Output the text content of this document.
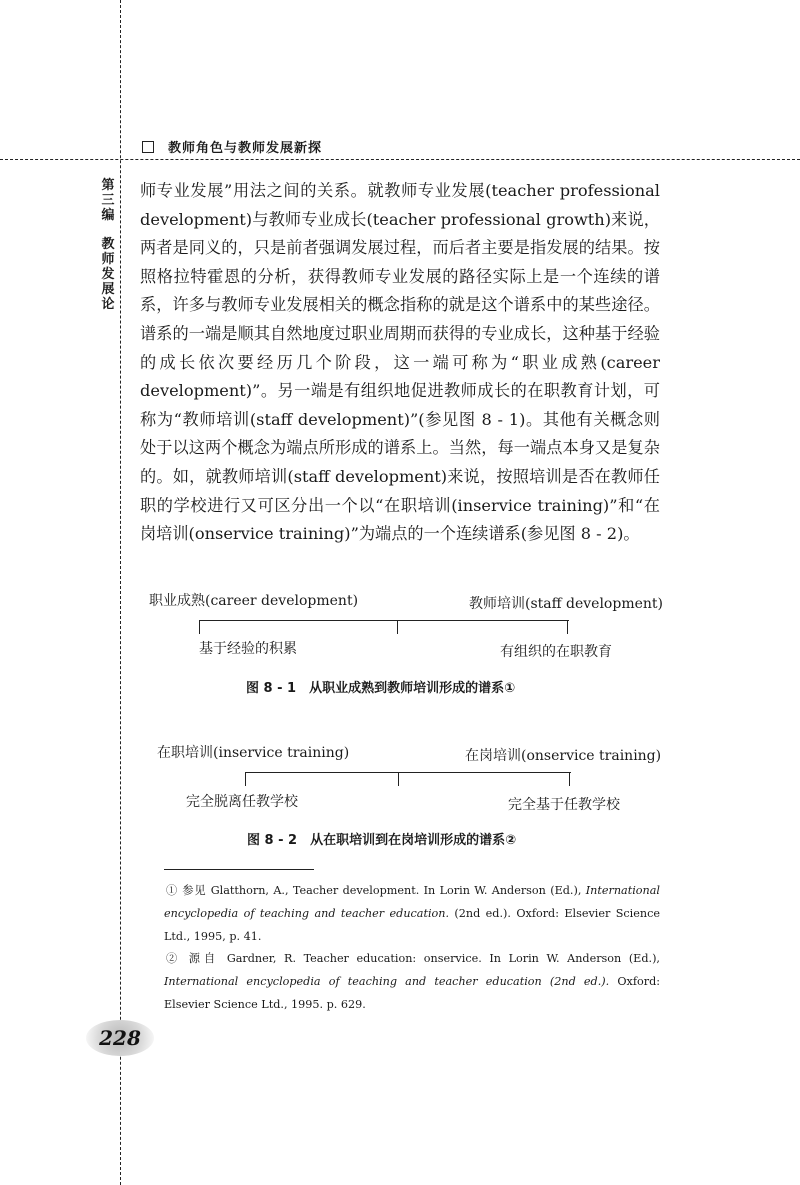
教师角色与教师发展新探
第三编
教师发展论

师专业发展”用法之间的关系。就教师专业发展(teacher professional development)与教师专业成长(teacher professional growth)来说，两者是同义的，只是前者强调发展过程，而后者主要是指发展的结果。按照格拉特霍恩的分析，获得教师专业发展的路径实际上是一个连续的谱系，许多与教师专业发展相关的概念指称的就是这个谱系中的某些途径。谱系的一端是顺其自然地度过职业周期而获得的专业成长，这种基于经验的成长依次要经历几个阶段，这一端可称为“职业成熟(career development)”。另一端是有组织地促进教师成长的在职教育计划，可称为“教师培训(staff development)”(参见图 8 - 1)。其他有关概念则处于以这两个概念为端点所形成的谱系上。当然，每一端点本身又是复杂的。如，就教师培训(staff development)来说，按照培训是否在教师任职的学校进行又可区分出一个以“在职培训(inservice training)”和“在岗培训(onservice training)”为端点的一个连续谱系(参见图 8 - 2)。

职业成熟(career development)	教师培训(staff development)
基于经验的积累	有组织的在职教育
图 8 - 1　从职业成熟到教师培训形成的谱系①
在职培训(inservice training)	在岗培训(onservice training)
完全脱离任教学校	完全基于任教学校
图 8 - 2　从在职培训到在岗培训形成的谱系②

① 参见 Glatthorn, A., Teacher development. In Lorin W. Anderson (Ed.), International encyclopedia of teaching and teacher education. (2nd ed.). Oxford: Elsevier Science Ltd., 1995, p. 41.

② 源自 Gardner, R. Teacher education: onservice. In Lorin W. Anderson (Ed.), International encyclopedia of teaching and teacher education (2nd ed.). Oxford: Elsevier Science Ltd., 1995. p. 629.

228
